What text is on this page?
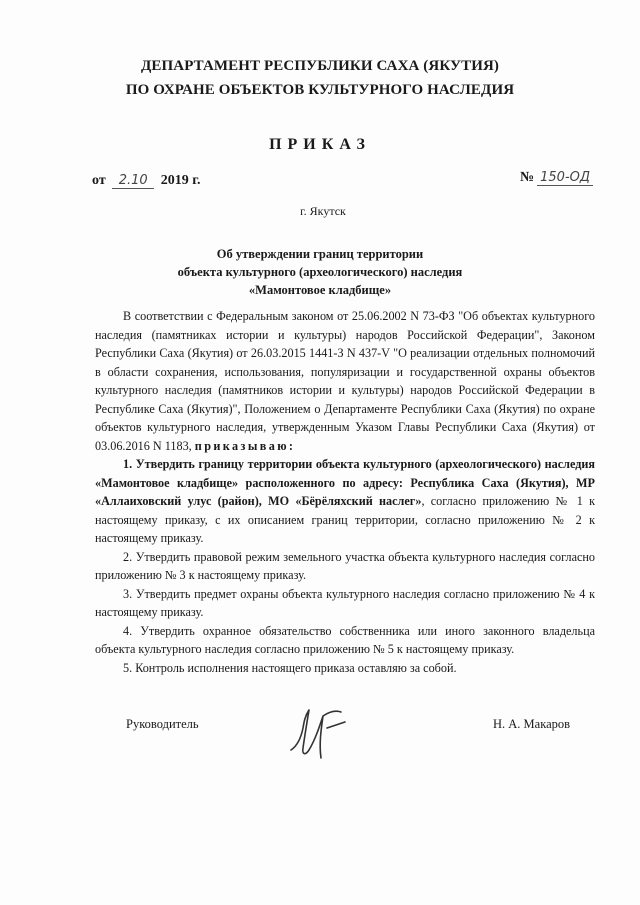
ДЕПАРТАМЕНТ РЕСПУБЛИКИ САХА (ЯКУТИЯ)
ПО ОХРАНЕ ОБЪЕКТОВ КУЛЬТУРНОГО НАСЛЕДИЯ
ПРИКАЗ
от 2.10 2019 г.	№ 150-ОД
г. Якутск
Об утверждении границ территории
объекта культурного (археологического) наследия
«Мамонтовое кладбище»

В соответствии с Федеральным законом от 25.06.2002 N 73-ФЗ "Об объектах культурного наследия (памятниках истории и культуры) народов Российской Федерации", Законом Республики Саха (Якутия) от 26.03.2015 1441-З N 437-V "О реализации отдельных полномочий в области сохранения, использования, популяризации и государственной охраны объектов культурного наследия (памятников истории и культуры) народов Российской Федерации в Республике Саха (Якутия)", Положением о Департаменте Республики Саха (Якутия) по охране объектов культурного наследия, утвержденным Указом Главы Республики Саха (Якутия) от 03.06.2016 N 1183, приказываю:

1. Утвердить границу территории объекта культурного (археологического) наследия «Мамонтовое кладбище» расположенного по адресу: Республика Саха (Якутия), МР «Аллаиховский улус (район), МО «Бёрёляхский наслег», согласно приложению № 1 к настоящему приказу, с их описанием границ территории, согласно приложению № 2 к настоящему приказу.

2. Утвердить правовой режим земельного участка объекта культурного наследия согласно приложению № 3 к настоящему приказу.

3. Утвердить предмет охраны объекта культурного наследия согласно приложению № 4 к настоящему приказу.

4. Утвердить охранное обязательство собственника или иного законного владельца объекта культурного наследия согласно приложению № 5 к настоящему приказу.

5. Контроль исполнения настоящего приказа оставляю за собой.

Руководитель	Н. А. Макаров
